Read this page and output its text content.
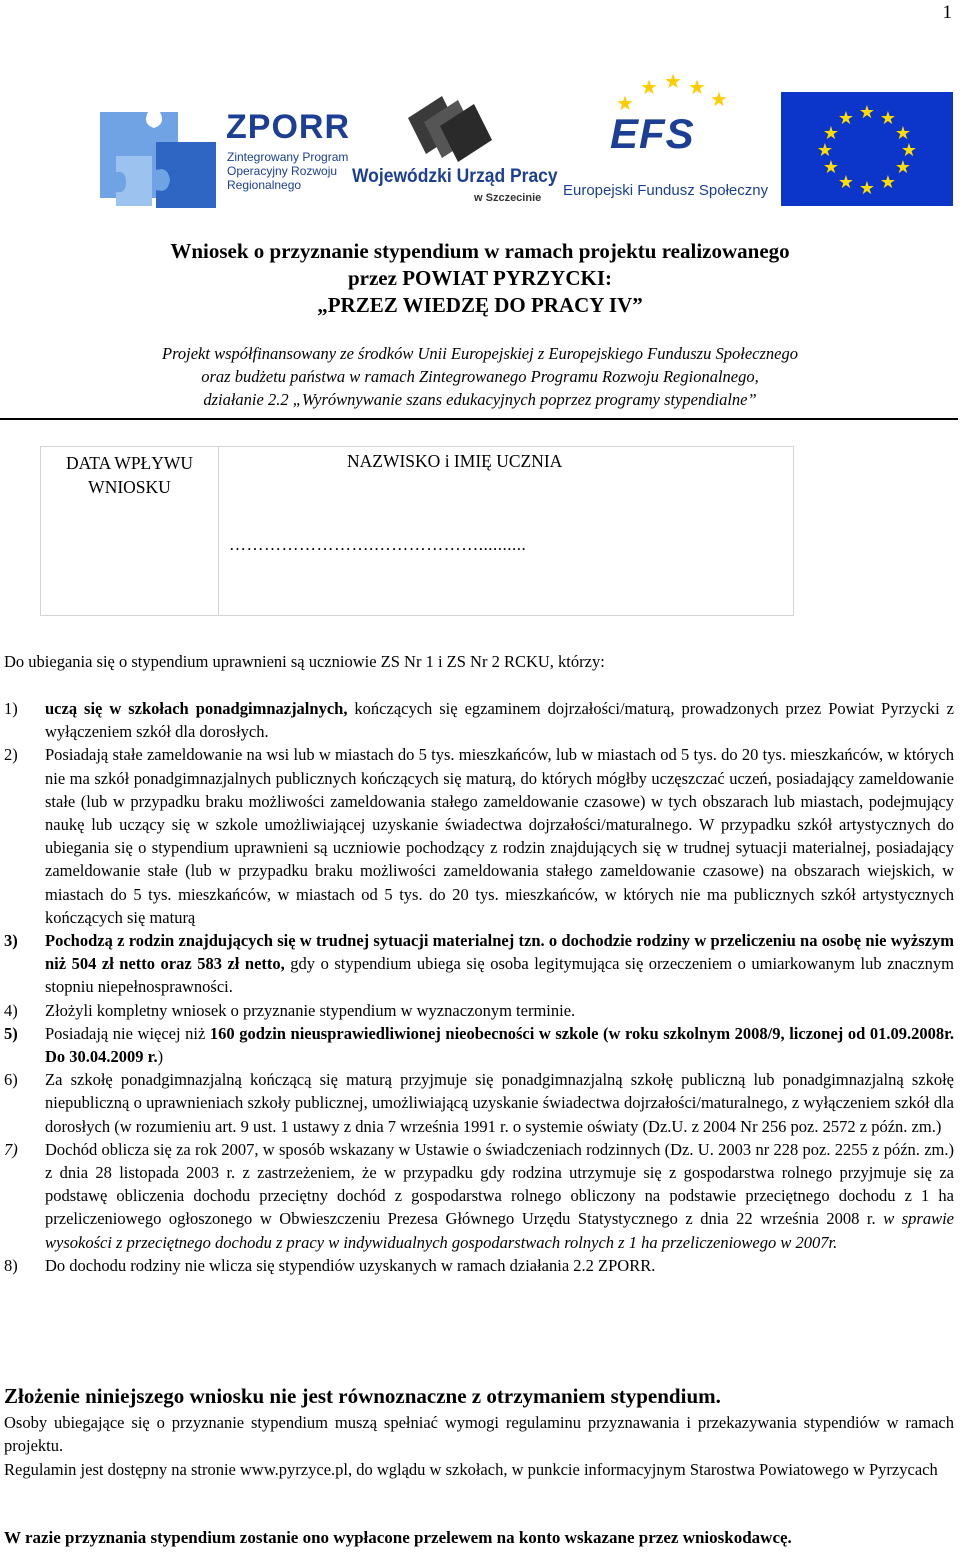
1
ZPORR
Zintegrowany Program Operacyjny Rozwoju Regionalnego	Wojewódzki Urząd Pracy
w Szczecinie
★
★ ★ ★
★
EFS
Europejski Fundusz Społeczny
★ ★
★
★
★
★
★
★
★
★
★
★
Wniosek o przyznanie stypendium w ramach projektu realizowanego
przez POWIAT PYRZYCKI:
„PRZEZ WIEDZĘ DO PRACY IV”
Projekt współfinansowany ze środków Unii Europejskiej z Europejskiego Funduszu Społecznego
oraz budżetu państwa w ramach Zintegrowanego Programu Rozwoju Regionalnego,
działanie 2.2 „Wyrównywanie szans edukacyjnych poprzez programy stypendialne”
DATA WPŁYWU WNIOSKU
NAZWISKO i IMIĘ UCZNIA
…………………….………………..........
Do ubiegania się o stypendium uprawnieni są uczniowie ZS Nr 1 i ZS Nr 2 RCKU, którzy:
1) uczą się w szkołach ponadgimnazjalnych, kończących się egzaminem dojrzałości/maturą, prowadzonych przez Powiat Pyrzycki z wyłączeniem szkół dla dorosłych.
2) Posiadają stałe zameldowanie na wsi lub w miastach do 5 tys. mieszkańców, lub w miastach od 5 tys. do 20 tys. mieszkańców, w których nie ma szkół ponadgimnazjalnych publicznych kończących się maturą, do których mógłby uczęszczać uczeń, posiadający zameldowanie stałe (lub w przypadku braku możliwości zameldowania stałego zameldowanie czasowe) w tych obszarach lub miastach, podejmujący naukę lub uczący się w szkole umożliwiającej uzyskanie świadectwa dojrzałości/maturalnego. W przypadku szkół artystycznych do ubiegania się o stypendium uprawnieni są uczniowie pochodzący z rodzin znajdujących się w trudnej sytuacji materialnej, posiadający zameldowanie stałe (lub w przypadku braku możliwości zameldowania stałego zameldowanie czasowe) na obszarach wiejskich, w miastach do 5 tys. mieszkańców, w miastach od 5 tys. do 20 tys. mieszkańców, w których nie ma publicznych szkół artystycznych kończących się maturą
3) Pochodzą z rodzin znajdujących się w trudnej sytuacji materialnej tzn. o dochodzie rodziny w przeliczeniu na osobę nie wyższym niż 504 zł netto oraz 583 zł netto, gdy o stypendium ubiega się osoba legitymująca się orzeczeniem o umiarkowanym lub znacznym stopniu niepełnosprawności.
4) Złożyli kompletny wniosek o przyznanie stypendium w wyznaczonym terminie.
5) Posiadają nie więcej niż 160 godzin nieusprawiedliwionej nieobecności w szkole (w roku szkolnym 2008/9, liczonej od 01.09.2008r. Do 30.04.2009 r.)
6) Za szkołę ponadgimnazjalną kończącą się maturą przyjmuje się ponadgimnazjalną szkołę publiczną lub ponadgimnazjalną szkołę niepubliczną o uprawnieniach szkoły publicznej, umożliwiającą uzyskanie świadectwa dojrzałości/maturalnego, z wyłączeniem szkół dla dorosłych (w rozumieniu art. 9 ust. 1 ustawy z dnia 7 września 1991 r. o systemie oświaty (Dz.U. z 2004 Nr 256 poz. 2572 z późn. zm.)
7) Dochód oblicza się za rok 2007, w sposób wskazany w Ustawie o świadczeniach rodzinnych (Dz. U. 2003 nr 228 poz. 2255 z późn. zm.) z dnia 28 listopada 2003 r. z zastrzeżeniem, że w przypadku gdy rodzina utrzymuje się z gospodarstwa rolnego przyjmuje się za podstawę obliczenia dochodu przeciętny dochód z gospodarstwa rolnego obliczony na podstawie przeciętnego dochodu z 1 ha przeliczeniowego ogłoszonego w Obwieszczeniu Prezesa Głównego Urzędu Statystycznego z dnia 22 września 2008 r. w sprawie wysokości z przeciętnego dochodu z pracy w indywidualnych gospodarstwach rolnych z 1 ha przeliczeniowego w 2007r.
8) Do dochodu rodziny nie wlicza się stypendiów uzyskanych w ramach działania 2.2 ZPORR.
Złożenie niniejszego wniosku nie jest równoznaczne z otrzymaniem stypendium.
Osoby ubiegające się o przyznanie stypendium muszą spełniać wymogi regulaminu przyznawania i przekazywania stypendiów w ramach projektu.
Regulamin jest dostępny na stronie www.pyrzyce.pl, do wglądu w szkołach, w punkcie informacyjnym Starostwa Powiatowego w Pyrzycach
W razie przyznania stypendium zostanie ono wypłacone przelewem na konto wskazane przez wnioskodawcę.
